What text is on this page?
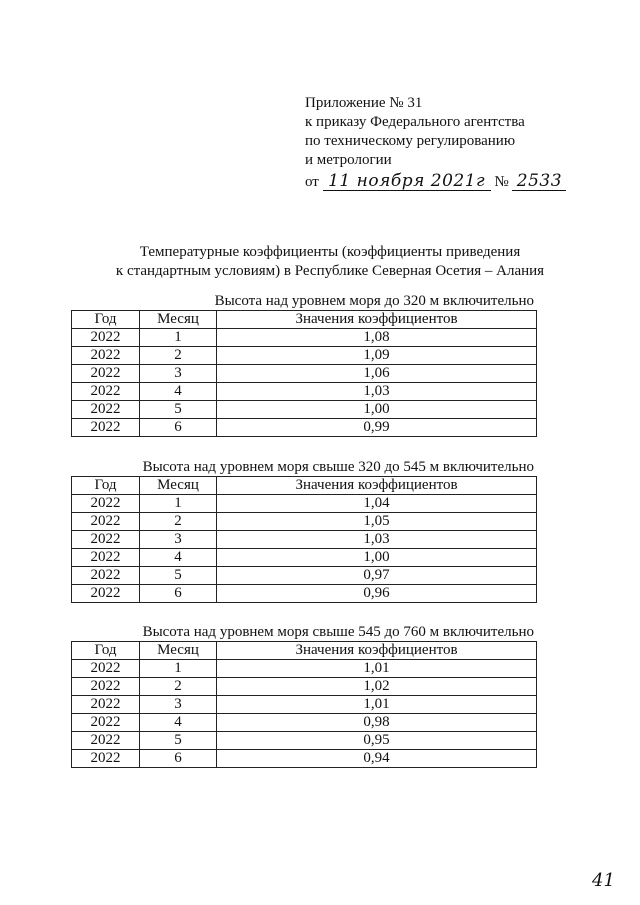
Приложение № 31
к приказу Федерального агентства
по техническому регулированию
и метрологии
от 11 ноября 2021г № 2533
Температурные коэффициенты (коэффициенты приведения
к стандартным условиям) в Республике Северная Осетия – Алания
Высота над уровнем моря до 320 м включительно
Год	Месяц	Значения коэффициентов
2022	1	1,08
2022	2	1,09
2022	3	1,06
2022	4	1,03
2022	5	1,00
2022	6	0,99
Высота над уровнем моря свыше 320 до 545 м включительно
Год	Месяц	Значения коэффициентов
2022	1	1,04
2022	2	1,05
2022	3	1,03
2022	4	1,00
2022	5	0,97
2022	6	0,96
Высота над уровнем моря свыше 545 до 760 м включительно
Год	Месяц	Значения коэффициентов
2022	1	1,01
2022	2	1,02
2022	3	1,01
2022	4	0,98
2022	5	0,95
2022	6	0,94
41
